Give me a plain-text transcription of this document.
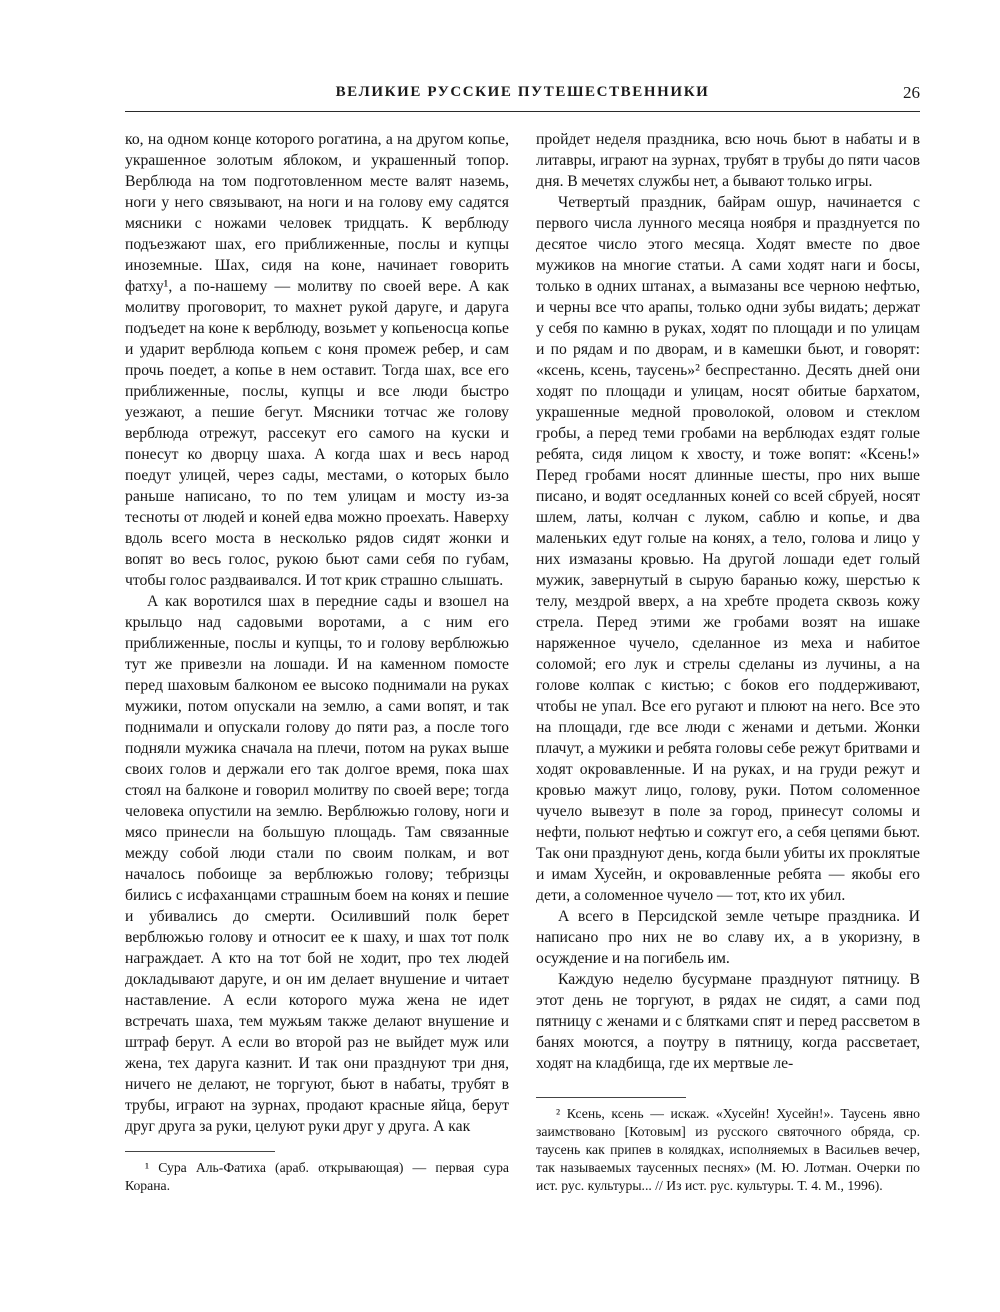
ВЕЛИКИЕ РУССКИЕ ПУТЕШЕСТВЕННИКИ	26

ко, на одном конце которого рогатина, а на другом копье, украшенное золотым яблоком, и украшенный топор. Верблюда на том подготовленном месте валят наземь, ноги у него связывают, на ноги и на голову ему садятся мясники с ножами человек тридцать. К верблюду подъезжают шах, его приближенные, послы и купцы иноземные. Шах, сидя на коне, начинает говорить фатху¹, а по-нашему — молитву по своей вере. А как молитву проговорит, то махнет рукой даруге, и даруга подъедет на коне к верблюду, возьмет у копьеносца копье и ударит верблюда копьем с коня промеж ребер, и сам прочь поедет, а копье в нем оставит. Тогда шах, все его приближенные, послы, купцы и все люди быстро уезжают, а пешие бегут. Мясники тотчас же голову верблюда отрежут, рассекут его самого на куски и понесут ко дворцу шаха. А когда шах и весь народ поедут улицей, через сады, местами, о которых было раньше написано, то по тем улицам и мосту из-за тесноты от людей и коней едва можно проехать. Наверху вдоль всего моста в несколько рядов сидят жонки и вопят во весь голос, рукою бьют сами себя по губам, чтобы голос раздваивался. И тот крик страшно слышать.

А как воротился шах в передние сады и взошел на крыльцо над садовыми воротами, а с ним его приближенные, послы и купцы, то и голову верблюжью тут же привезли на лошади. И на каменном помосте перед шаховым балконом ее высоко поднимали на руках мужики, потом опускали на землю, а сами вопят, и так поднимали и опускали голову до пяти раз, а после того подняли мужика сначала на плечи, потом на руках выше своих голов и держали его так долгое время, пока шах стоял на балконе и говорил молитву по своей вере; тогда человека опустили на землю. Верблюжью голову, ноги и мясо принесли на большую площадь. Там связанные между собой люди стали по своим полкам, и вот началось побоище за верблюжью голову; тебризцы бились с исфаханцами страшным боем на конях и пешие и убивались до смерти. Осиливший полк берет верблюжью голову и относит ее к шаху, и шах тот полк награждает. А кто на тот бой не ходит, про тех людей докладывают даруге, и он им делает внушение и читает наставление. А если которого мужа жена не идет встречать шаха, тем мужьям также делают внушение и штраф берут. А если во второй раз не выйдет муж или жена, тех даруга казнит. И так они празднуют три дня, ничего не делают, не торгуют, бьют в набаты, трубят в трубы, играют на зурнах, продают красные яйца, берут друг друга за руки, целуют руки друг у друга. А как

¹ Сура Аль-Фатиха (араб. открывающая) — первая сура Корана.

пройдет неделя праздника, всю ночь бьют в набаты и в литавры, играют на зурнах, трубят в трубы до пяти часов дня. В мечетях службы нет, а бывают только игры.

Четвертый праздник, байрам ошур, начинается с первого числа лунного месяца ноября и празднуется по десятое число этого месяца. Ходят вместе по двое мужиков на многие статьи. А сами ходят наги и босы, только в одних штанах, а вымазаны все черною нефтью, и черны все что арапы, только одни зубы видать; держат у себя по камню в руках, ходят по площади и по улицам и по рядам и по дворам, и в камешки бьют, и говорят: «ксень, ксень, таусень»² беспрестанно. Десять дней они ходят по площади и улицам, носят обитые бархатом, украшенные медной проволокой, оловом и стеклом гробы, а перед теми гробами на верблюдах ездят голые ребята, сидя лицом к хвосту, и тоже вопят: «Ксень!» Перед гробами носят длинные шесты, про них выше писано, и водят оседланных коней со всей сбруей, носят шлем, латы, колчан с луком, саблю и копье, и два маленьких едут голые на конях, а тело, голова и лицо у них измазаны кровью. На другой лошади едет голый мужик, завернутый в сырую баранью кожу, шерстью к телу, мездрой вверх, а на хребте продета сквозь кожу стрела. Перед этими же гробами возят на ишаке наряженное чучело, сделанное из меха и набитое соломой; его лук и стрелы сделаны из лучины, а на голове колпак с кистью; с боков его поддерживают, чтобы не упал. Все его ругают и плюют на него. Все это на площади, где все люди с женами и детьми. Жонки плачут, а мужики и ребята головы себе режут бритвами и ходят окровавленные. И на руках, и на груди режут и кровью мажут лицо, голову, руки. Потом соломенное чучело вывезут в поле за город, принесут соломы и нефти, польют нефтью и сожгут его, а себя цепями бьют. Так они празднуют день, когда были убиты их проклятые и имам Хусейн, и окровавленные ребята — якобы его дети, а соломенное чучело — тот, кто их убил.

А всего в Персидской земле четыре праздника. И написано про них не во славу их, а в укоризну, в осуждение и на погибель им.

Каждую неделю бусурмане празднуют пятницу. В этот день не торгуют, в рядах не сидят, а сами под пятницу с женами и с блятками спят и перед рассветом в банях моются, а поутру в пятницу, когда рассветает, ходят на кладбища, где их мертвые ле-

² Ксень, ксень — искаж. «Хусейн! Хусейн!». Таусень явно заимствовано [Котовым] из русского святочного обряда, ср. таусень как припев в колядках, исполняемых в Васильев вечер, так называемых таусенных песнях» (М. Ю. Лотман. Очерки по ист. рус. культуры... // Из ист. рус. культуры. Т. 4. М., 1996).
